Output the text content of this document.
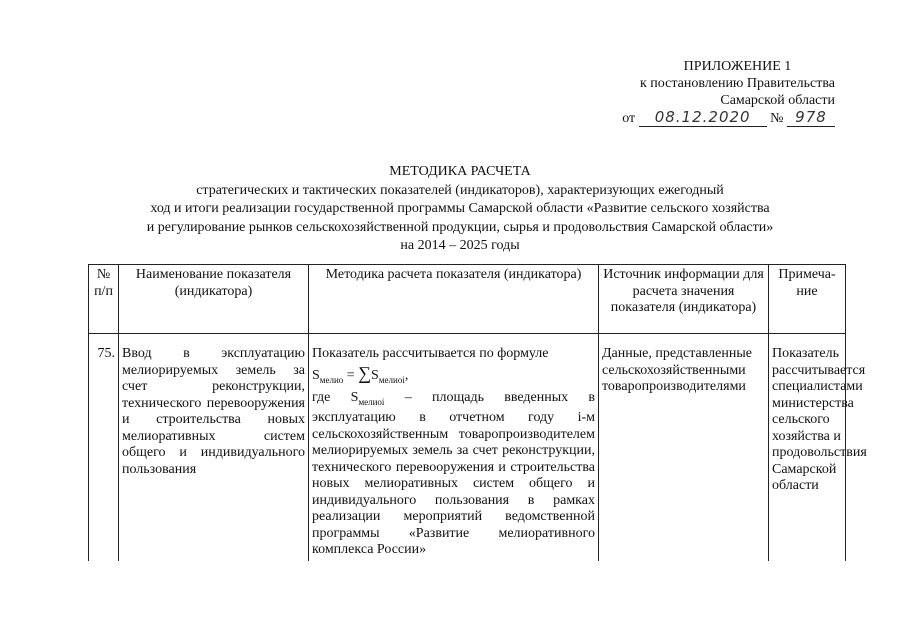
ПРИЛОЖЕНИЕ 1
к постановлению Правительства
Самарской области
от 08.12.2020 № 978
МЕТОДИКА РАСЧЕТА
стратегических и тактических показателей (индикаторов), характеризующих ежегодный
ход и итоги реализации государственной программы Самарской области «Развитие сельского хозяйства
и регулирование рынков сельскохозяйственной продукции, сырья и продовольствия Самарской области»
на 2014 – 2025 годы
№ п/п	Наименование показателя (индикатора)	Методика расчета показателя (индикатора)	Источник информации для расчета значения показателя (индикатора)	Примеча-ние

75.	Ввод в эксплуатацию мелиорируемых земель за счет реконструкции, технического перевооружения и строительства новых мелиоративных систем общего и индивидуального пользования	Показатель рассчитывается по формуле
$S_{мелио} = \sum S_{мелиоi}$,
где $S_{мелиоi}$ – площадь введенных в эксплуатацию в отчетном году i-м сельскохозяйственным товаропроизводителем мелиорируемых земель за счет реконструкции, технического перевооружения и строительства новых мелиоративных систем общего и индивидуального пользования в рамках реализации мероприятий ведомственной программы «Развитие мелиоративного комплекса России»	Данные, представленные сельскохозяйственными товаропроизводителями	Показатель рассчитывается специалистами министерства сельского хозяйства и продовольствия Самарской области
